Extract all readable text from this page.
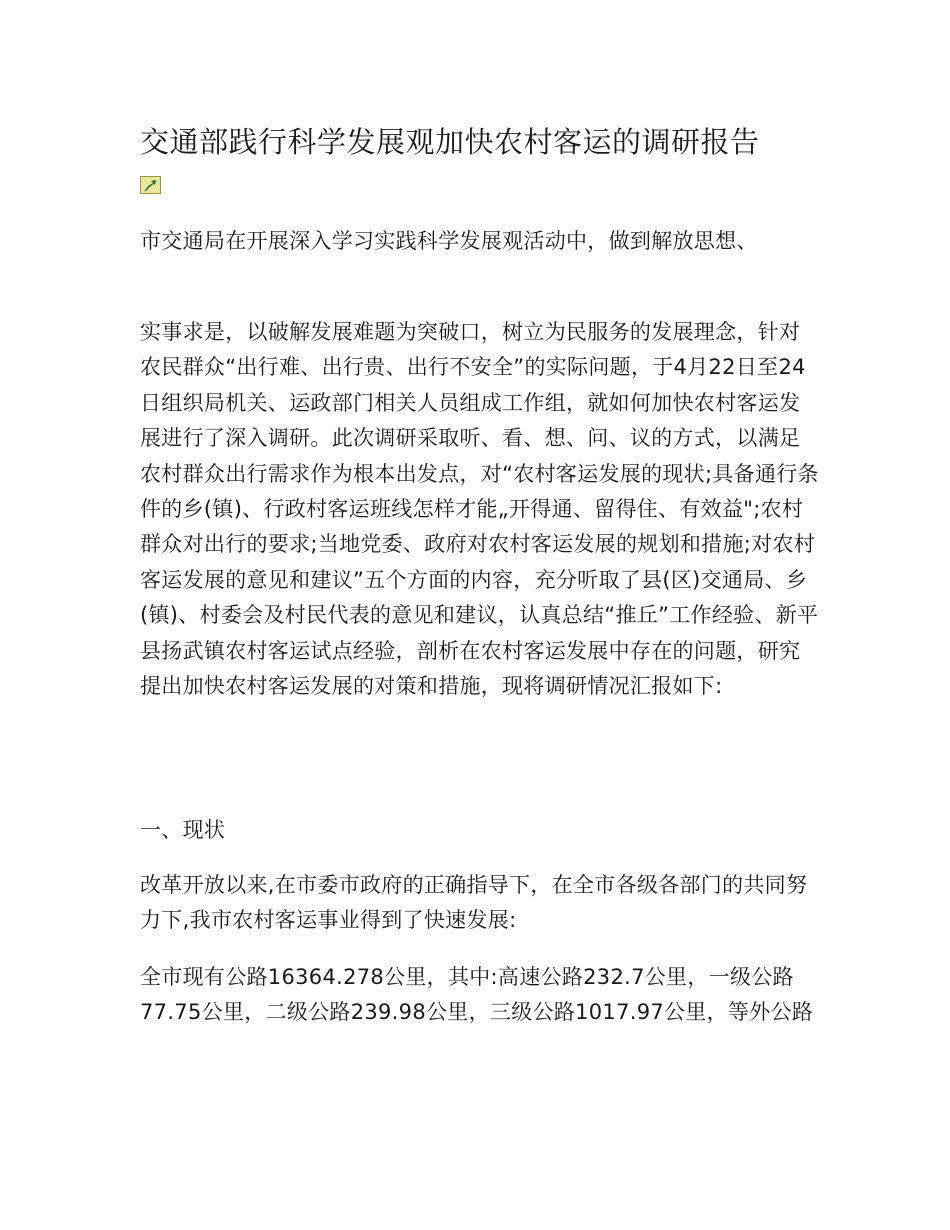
交通部践行科学发展观加快农村客运的调研报告

市交通局在开展深入学习实践科学发展观活动中，做到解放思想、

实事求是，以破解发展难题为突破口，树立为民服务的发展理念，针对农民群众“出行难、出行贵、出行不安全”的实际问题，于4月22日至24日组织局机关、运政部门相关人员组成工作组，就如何加快农村客运发展进行了深入调研。此次调研采取听、看、想、问、议的方式，以满足农村群众出行需求作为根本出发点，对“农村客运发展的现状;具备通行条件的乡(镇)、行政村客运班线怎样才能„开得通、留得住、有效益";农村群众对出行的要求;当地党委、政府对农村客运发展的规划和措施;对农村客运发展的意见和建议”五个方面的内容，充分听取了县(区)交通局、乡(镇)、村委会及村民代表的意见和建议，认真总结“推丘”工作经验、新平县扬武镇农村客运试点经验，剖析在农村客运发展中存在的问题，研究提出加快农村客运发展的对策和措施，现将调研情况汇报如下:

一、现状

改革开放以来,在市委市政府的正确指导下，在全市各级各部门的共同努力下,我市农村客运事业得到了快速发展:

全市现有公路16364.278公里，其中:高速公路232.7公里，一级公路77.75公里，二级公路239.98公里，三级公路1017.97公里，等外公路
